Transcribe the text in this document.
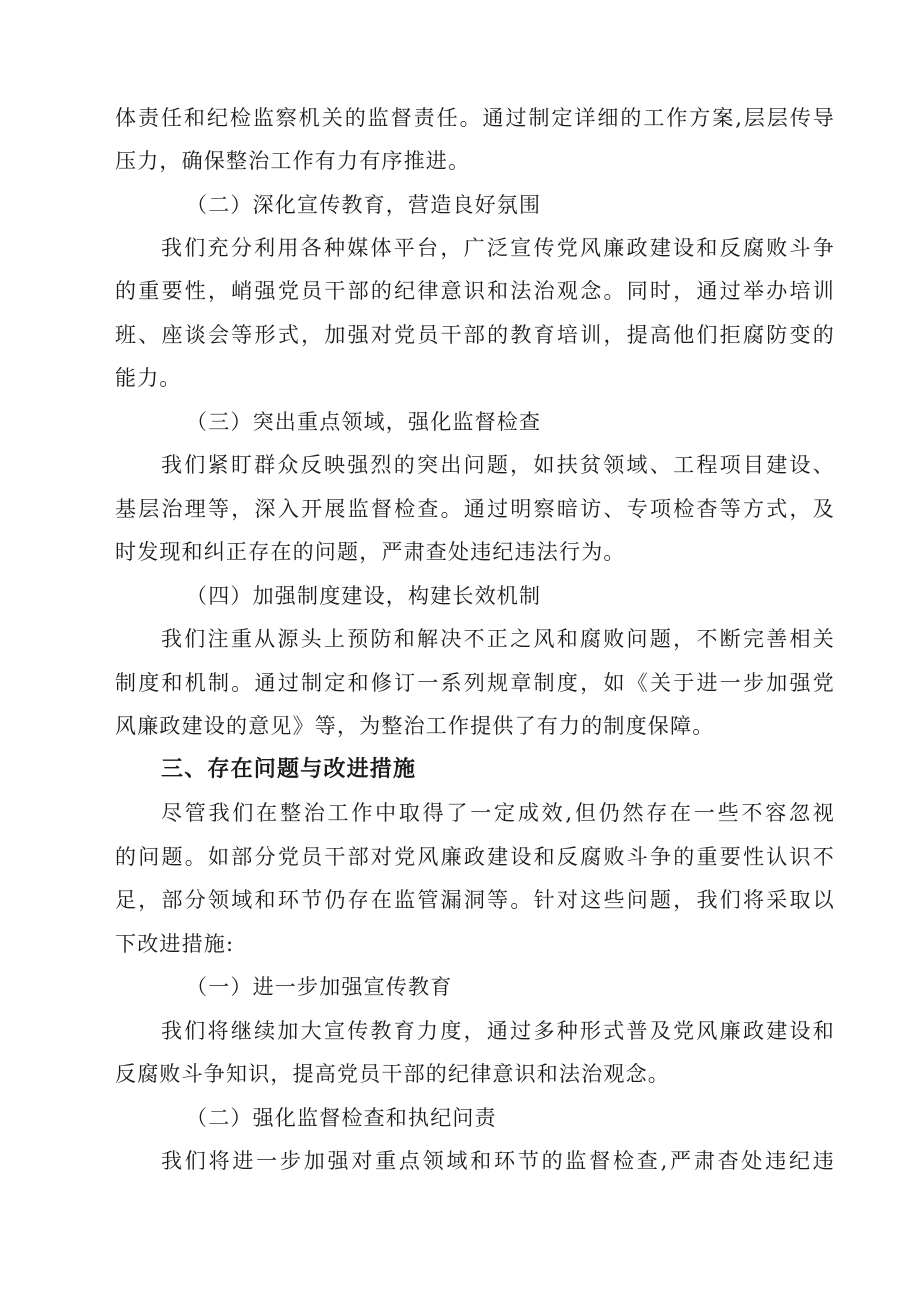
体责任和纪检监察机关的监督责任。通过制定详细的工作方案,层层传导
压力，确保整治工作有力有序推进。
（二）深化宣传教育，营造良好氛围
我们充分利用各种媒体平台，广泛宣传党风廉政建设和反腐败斗争
的重要性，峭强党员干部的纪律意识和法治观念。同时，通过举办培训
班、座谈会等形式，加强对党员干部的教育培训，提高他们拒腐防变的
能力。
（三）突出重点领域，强化监督检查
我们紧盯群众反映强烈的突出问题，如扶贫领域、工程项目建设、
基层治理等，深入开展监督检查。通过明察暗访、专项检杳等方式，及
时发现和纠正存在的问题，严肃查处违纪违法行为。
（四）加强制度建设，构建长效机制
我们注重从源头上预防和解决不正之风和腐败问题，不断完善相关
制度和机制。通过制定和修订一系列规章制度，如《关于进一步加强党
风廉政建设的意见》等，为整治工作提供了有力的制度保障。
三、存在问题与改进措施
尽管我们在整治工作中取得了一定成效,但仍然存在一些不容忽视
的问题。如部分党员干部对党风廉政建设和反腐败斗争的重要性认识不
足，部分领域和环节仍存在监管漏洞等。针对这些问题，我们将采取以
下改进措施:
（一）进一步加强宣传教育
我们将继续加大宣传教育力度，通过多种形式普及党风廉政建设和
反腐败斗争知识，提高党员干部的纪律意识和法治观念。
（二）强化监督检查和执纪问责
我们将进一步加强对重点领域和环节的监督检查,严肃杳处违纪违
